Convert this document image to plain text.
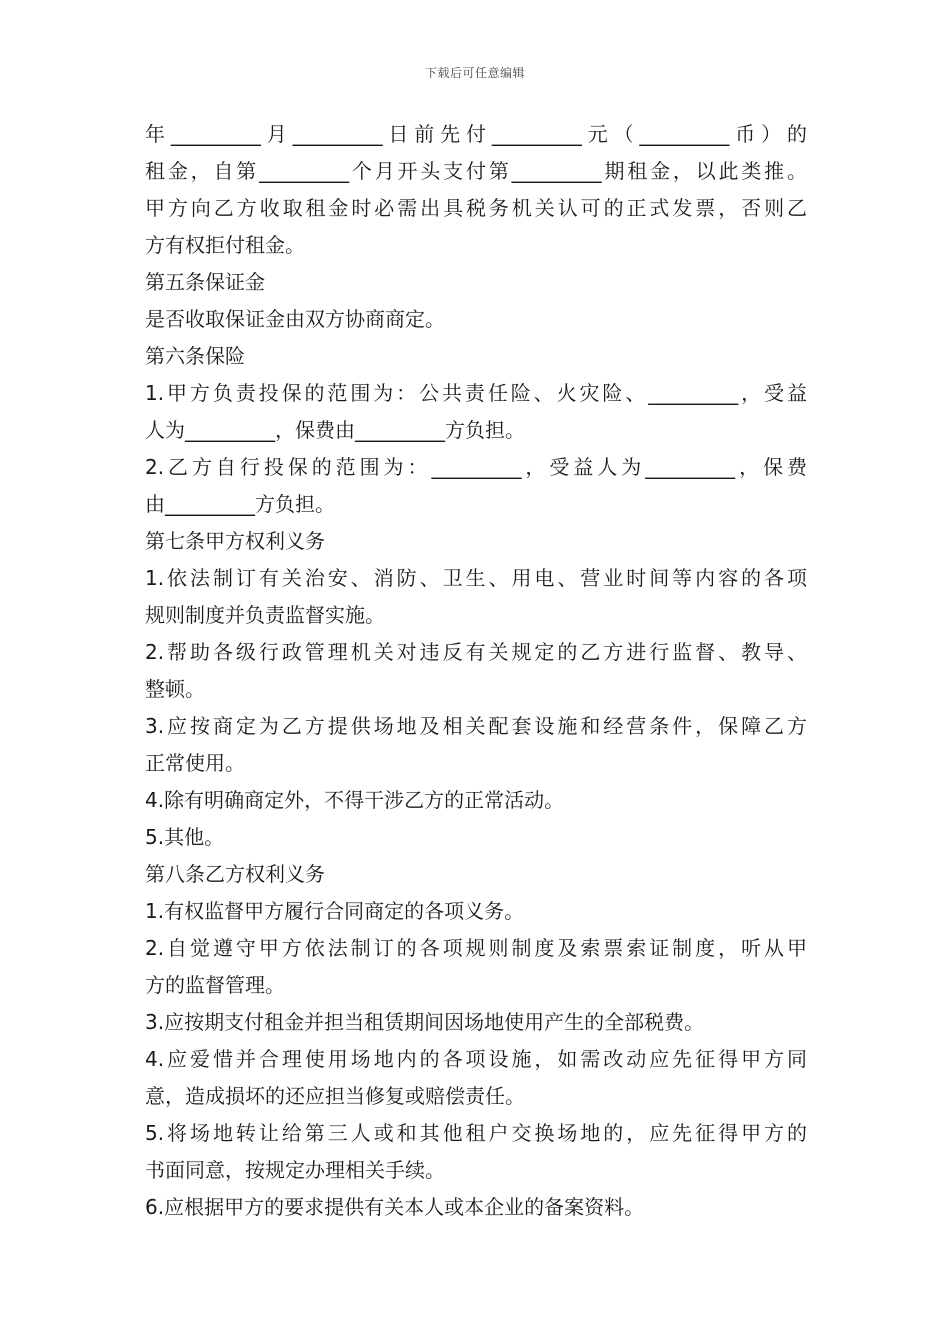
下载后可任意编辑

年_________月_________日前先付_________元（_________币）的

租金，自第_________个月开头支付第_________期租金，以此类推。

甲方向乙方收取租金时必需出具税务机关认可的正式发票，否则乙

方有权拒付租金。

第五条保证金

是否收取保证金由双方协商商定。

第六条保险

1.甲方负责投保的范围为：公共责任险、火灾险、_________，受益

人为_________，保费由_________方负担。

2.乙方自行投保的范围为：_________，受益人为_________，保费

由_________方负担。

第七条甲方权利义务

1.依法制订有关治安、消防、卫生、用电、营业时间等内容的各项

规则制度并负责监督实施。

2.帮助各级行政管理机关对违反有关规定的乙方进行监督、教导、

整顿。

3.应按商定为乙方提供场地及相关配套设施和经营条件，保障乙方

正常使用。

4.除有明确商定外，不得干涉乙方的正常活动。

5.其他。

第八条乙方权利义务

1.有权监督甲方履行合同商定的各项义务。

2.自觉遵守甲方依法制订的各项规则制度及索票索证制度，听从甲

方的监督管理。

3.应按期支付租金并担当租赁期间因场地使用产生的全部税费。

4.应爱惜并合理使用场地内的各项设施，如需改动应先征得甲方同

意，造成损坏的还应担当修复或赔偿责任。

5.将场地转让给第三人或和其他租户交换场地的，应先征得甲方的

书面同意，按规定办理相关手续。

6.应根据甲方的要求提供有关本人或本企业的备案资料。
